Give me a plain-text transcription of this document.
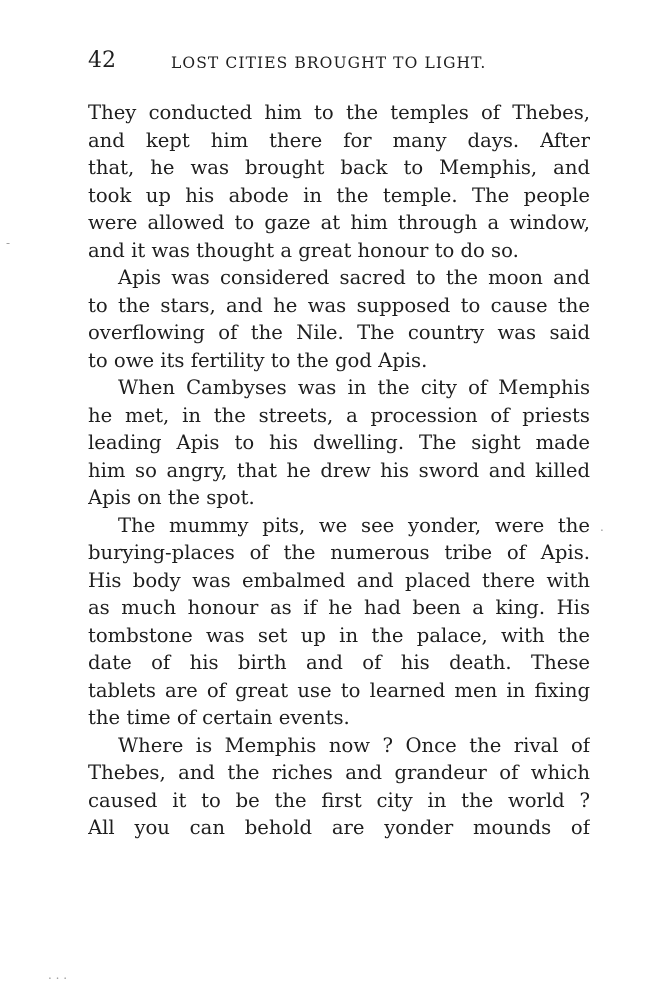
42	LOST CITIES BROUGHT TO LIGHT.
They conducted him to the temples of Thebes,
and kept him there for many days. After
that, he was brought back to Memphis, and
took up his abode in the temple. The people
were allowed to gaze at him through a window,
and it was thought a great honour to do so.
Apis was considered sacred to the moon and
to the stars, and he was supposed to cause the
overflowing of the Nile. The country was said
to owe its fertility to the god Apis.
When Cambyses was in the city of Memphis
he met, in the streets, a procession of priests
leading Apis to his dwelling. The sight made
him so angry, that he drew his sword and killed
Apis on the spot.
The mummy pits, we see yonder, were the
burying-places of the numerous tribe of Apis.
His body was embalmed and placed there with
as much honour as if he had been a king. His
tombstone was set up in the palace, with the
date of his birth and of his death. These
tablets are of great use to learned men in fixing
the time of certain events.
Where is Memphis now ? Once the rival of
Thebes, and the riches and grandeur of which
caused it to be the first city in the world ?
All you can behold are yonder mounds of
-
.
. . .
